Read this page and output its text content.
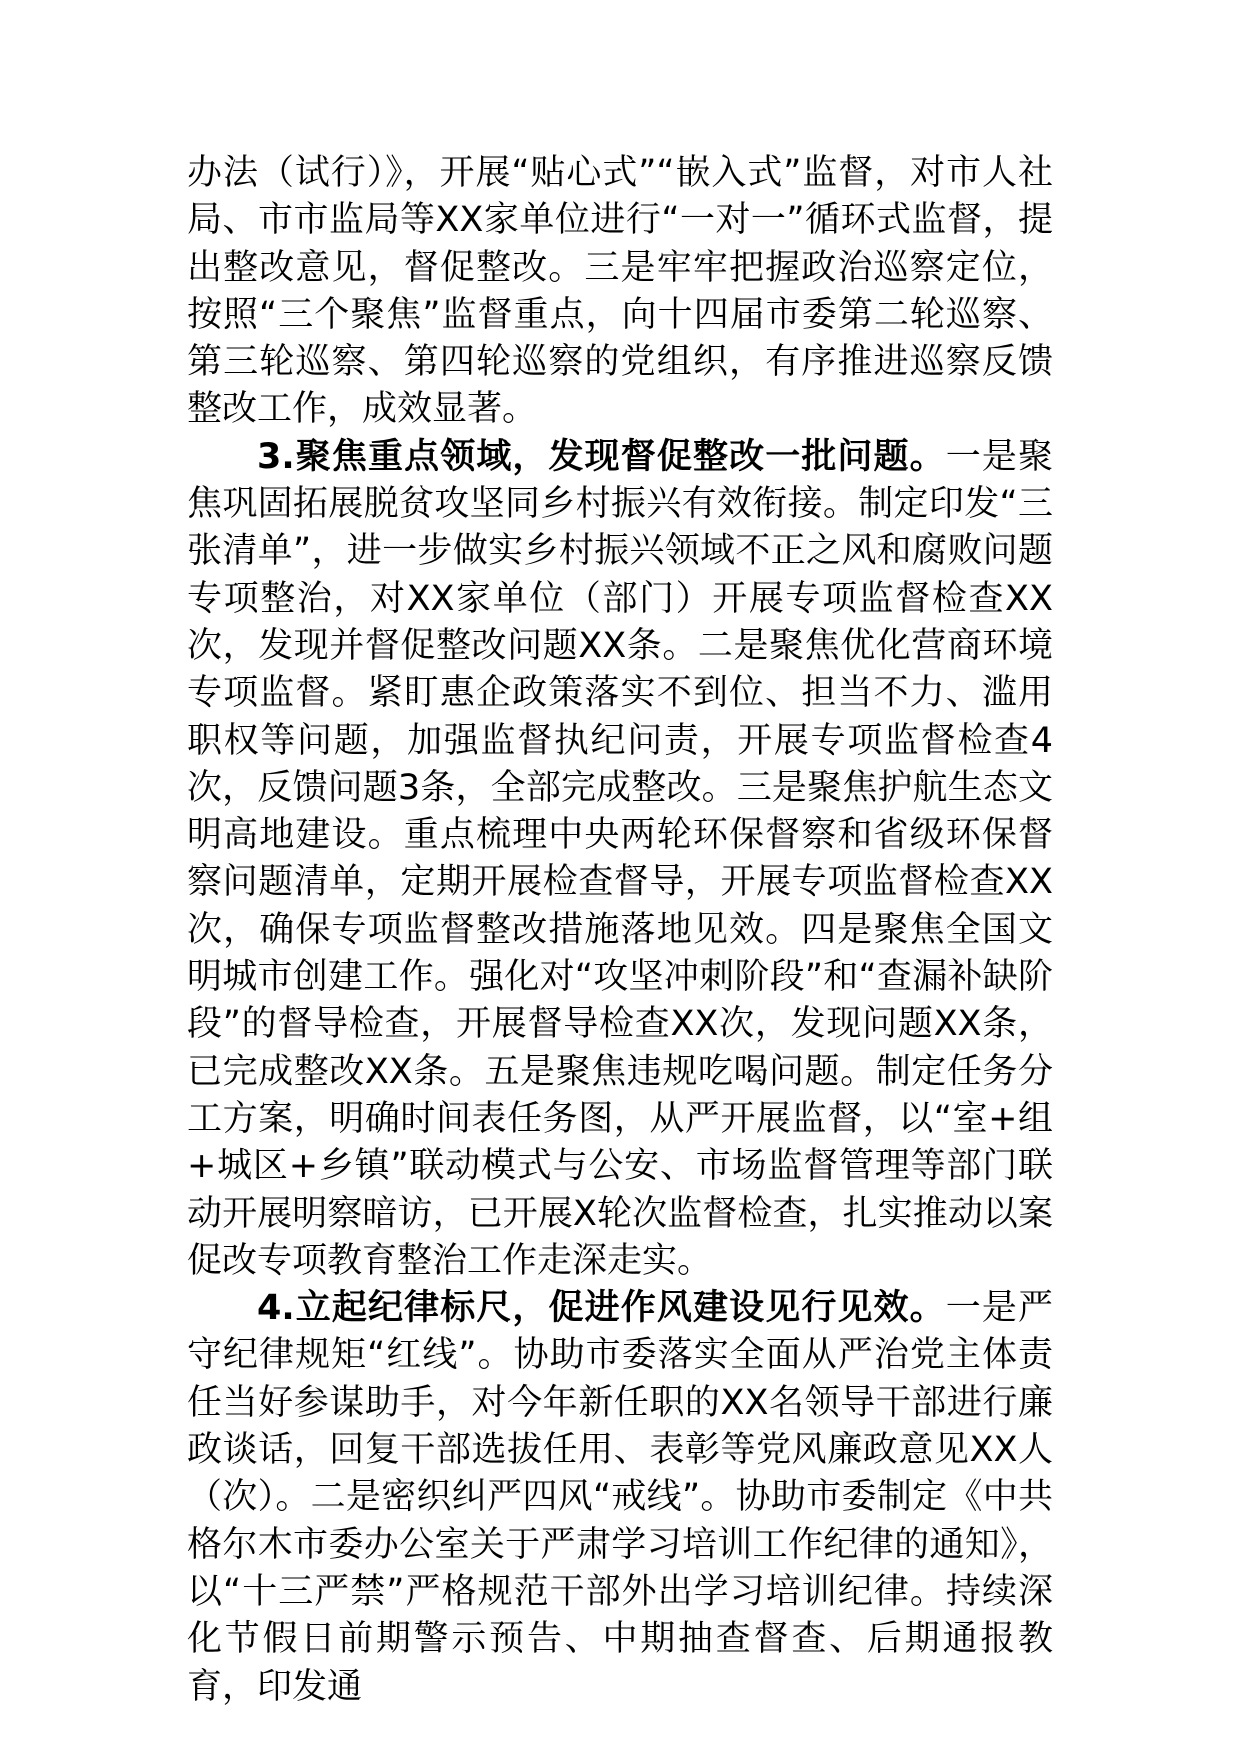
办法（试行）》，开展“贴心式”“嵌入式”监督，对市人社局、市市监局等XX家单位进行“一对一”循环式监督，提出整改意见，督促整改。三是牢牢把握政治巡察定位，按照“三个聚焦”监督重点，向十四届市委第二轮巡察、第三轮巡察、第四轮巡察的党组织，有序推进巡察反馈整改工作，成效显著。

3.聚焦重点领域，发现督促整改一批问题。一是聚焦巩固拓展脱贫攻坚同乡村振兴有效衔接。制定印发“三张清单”，进一步做实乡村振兴领域不正之风和腐败问题专项整治，对XX家单位（部门）开展专项监督检查XX次，发现并督促整改问题XX条。二是聚焦优化营商环境专项监督。紧盯惠企政策落实不到位、担当不力、滥用职权等问题，加强监督执纪问责，开展专项监督检查4次，反馈问题3条，全部完成整改。三是聚焦护航生态文明高地建设。重点梳理中央两轮环保督察和省级环保督察问题清单，定期开展检查督导，开展专项监督检查XX次，确保专项监督整改措施落地见效。四是聚焦全国文明城市创建工作。强化对“攻坚冲刺阶段”和“查漏补缺阶段”的督导检查，开展督导检查XX次，发现问题XX条，已完成整改XX条。五是聚焦违规吃喝问题。制定任务分工方案，明确时间表任务图，从严开展监督，以“室+组+城区+乡镇”联动模式与公安、市场监督管理等部门联动开展明察暗访，已开展X轮次监督检查，扎实推动以案促改专项教育整治工作走深走实。

4.立起纪律标尺，促进作风建设见行见效。一是严守纪律规矩“红线”。协助市委落实全面从严治党主体责任当好参谋助手，对今年新任职的XX名领导干部进行廉政谈话，回复干部选拔任用、表彰等党风廉政意见XX人（次）。二是密织纠严四风“戒线”。协助市委制定《中共格尔木市委办公室关于严肃学习培训工作纪律的通知》，以“十三严禁”严格规范干部外出学习培训纪律。持续深化节假日前期警示预告、中期抽查督查、后期通报教育，印发通
